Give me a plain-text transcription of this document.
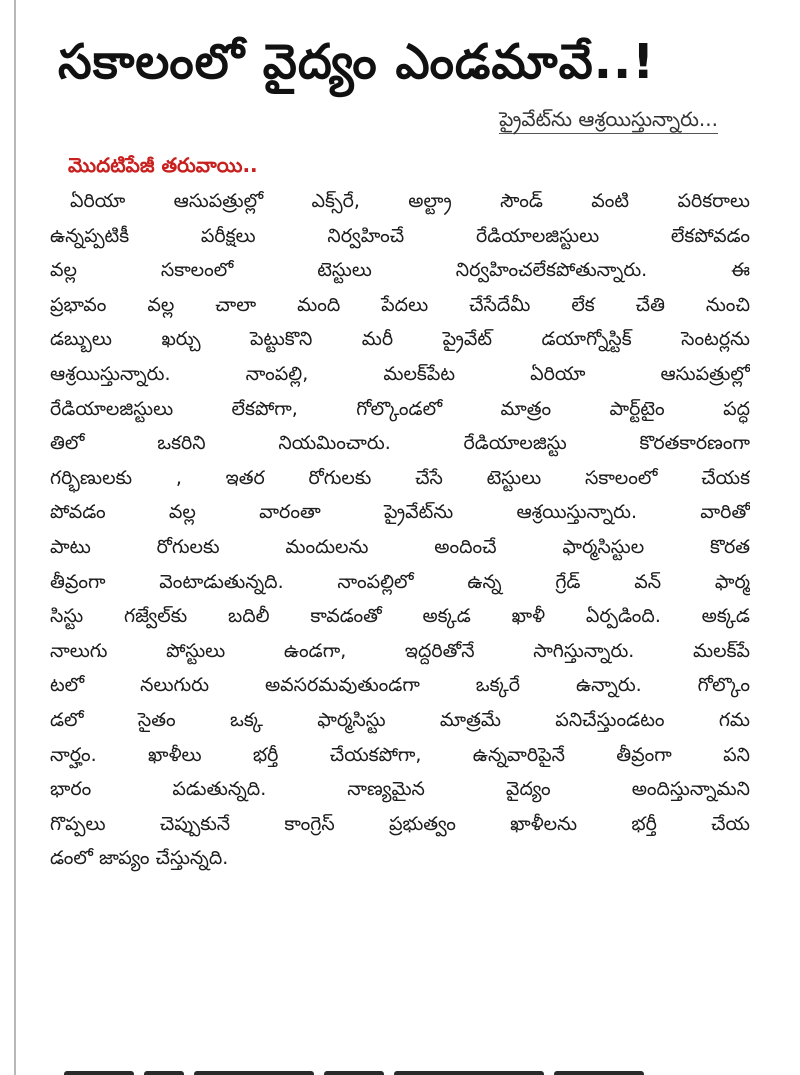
సకాలంలో వైద్యం ఎండమావే..!
ప్రైవేట్‌ను ఆశ్రయిస్తున్నారు...
మొదటిపేజీ తరువాయి..
ఏరియా ఆసుపత్రుల్లో ఎక్స్‌రే, అల్ట్రా సౌండ్ వంటి పరికరాలు
ఉన్నప్పటికీ పరీక్షలు నిర్వహించే రేడియాలజిస్టులు లేకపోవడం
వల్ల సకాలంలో టెస్టులు నిర్వహించలేకపోతున్నారు. ఈ
ప్రభావం వల్ల చాలా మంది పేదలు చేసేదేమీ లేక చేతి నుంచి
డబ్బులు ఖర్చు పెట్టుకొని మరీ ప్రైవేట్ డయాగ్నోస్టిక్ సెంటర్లను
ఆశ్రయిస్తున్నారు. నాంపల్లి, మలక్‌పేట ఏరియా ఆసుపత్రుల్లో
రేడియాలజిస్టులు లేకపోగా, గోల్కొండలో మాత్రం పార్ట్‌టైం పద్ధ
తిలో ఒకరిని నియమించారు. రేడియాలజిస్టు కొరతకారణంగా
గర్భిణులకు , ఇతర రోగులకు చేసే టెస్టులు సకాలంలో చేయక
పోవడం వల్ల వారంతా ప్రైవేట్‌ను ఆశ్రయిస్తున్నారు. వారితో
పాటు రోగులకు మందులను అందించే ఫార్మసిస్టుల కొరత
తీవ్రంగా వెంటాడుతున్నది. నాంపల్లిలో ఉన్న గ్రేడ్ వన్ ఫార్మ
సిస్టు గజ్వేల్‌కు బదిలీ కావడంతో అక్కడ ఖాళీ ఏర్పడింది. అక్కడ
నాలుగు పోస్టులు ఉండగా, ఇద్దరితోనే సాగిస్తున్నారు. మలక్‌పే
టలో నలుగురు అవసరమవుతుండగా ఒక్కరే ఉన్నారు. గోల్కొం
డలో సైతం ఒక్క ఫార్మసిస్టు మాత్రమే పనిచేస్తుండటం గమ
నార్హం. ఖాళీలు భర్తీ చేయకపోగా, ఉన్నవారిపైనే తీవ్రంగా పని
భారం పడుతున్నది. నాణ్యమైన వైద్యం అందిస్తున్నామని
గొప్పలు చెప్పుకునే కాంగ్రెస్ ప్రభుత్వం ఖాళీలను భర్తీ చేయ
డంలో జాప్యం చేస్తున్నది.
